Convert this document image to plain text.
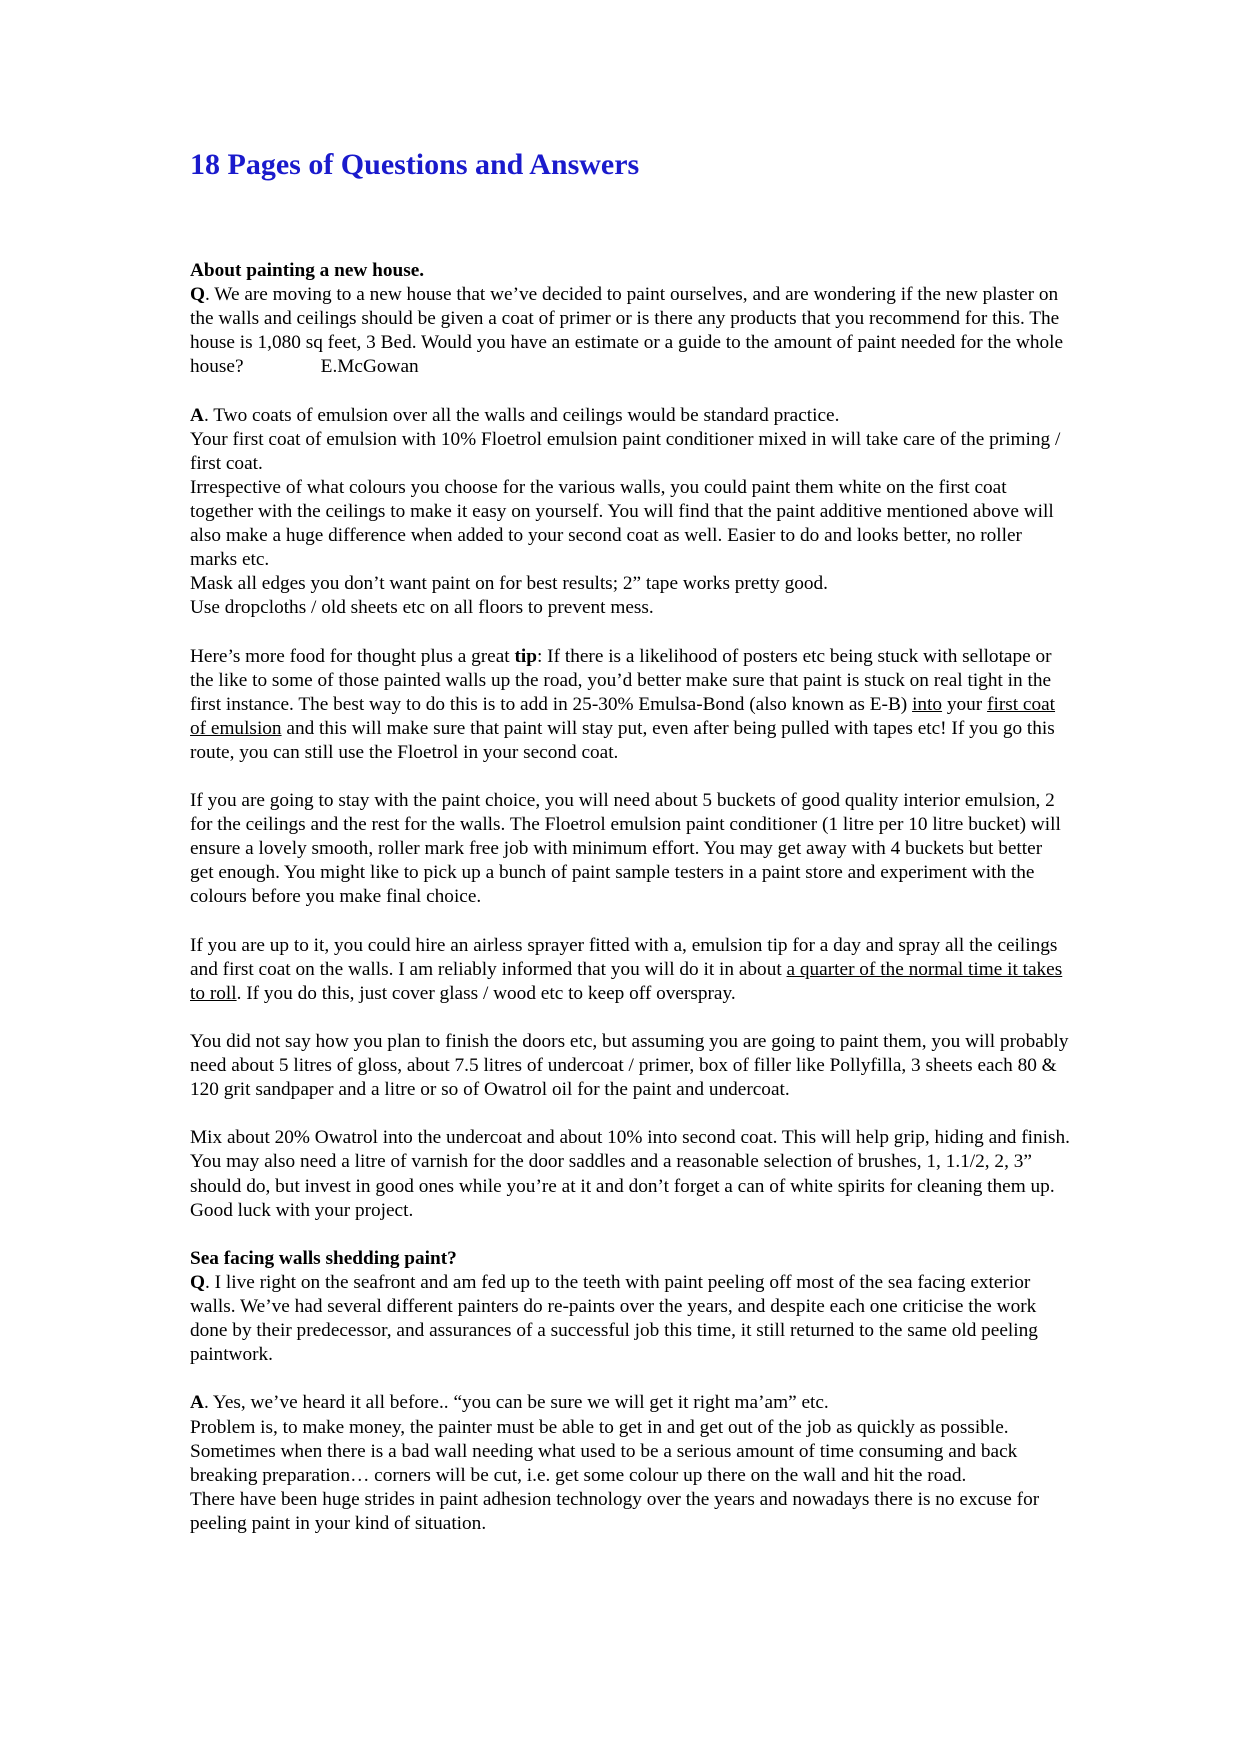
18 Pages of Questions and Answers

About painting a new house.

Q. We are moving to a new house that we’ve decided to paint ourselves, and are wondering if the new plaster on the walls and ceilings should be given a coat of primer or is there any products that you recommend for this. The house is 1,080 sq feet, 3 Bed. Would you have an estimate or a guide to the amount of paint needed for the whole house?	E.McGowan

A. Two coats of emulsion over all the walls and ceilings would be standard practice.

Your first coat of emulsion with 10% Floetrol emulsion paint conditioner mixed in will take care of the priming / first coat.

Irrespective of what colours you choose for the various walls, you could paint them white on the first coat together with the ceilings to make it easy on yourself. You will find that the paint additive mentioned above will also make a huge difference when added to your second coat as well. Easier to do and looks better, no roller marks etc.

Mask all edges you don’t want paint on for best results; 2” tape works pretty good.

Use dropcloths / old sheets etc on all floors to prevent mess.

Here’s more food for thought plus a great tip: If there is a likelihood of posters etc being stuck with sellotape or the like to some of those painted walls up the road, you’d better make sure that paint is stuck on real tight in the first instance. The best way to do this is to add in 25-30% Emulsa-Bond (also known as E-B) into your first coat of emulsion and this will make sure that paint will stay put, even after being pulled with tapes etc! If you go this route, you can still use the Floetrol in your second coat.

If you are going to stay with the paint choice, you will need about 5 buckets of good quality interior emulsion, 2 for the ceilings and the rest for the walls. The Floetrol emulsion paint conditioner (1 litre per 10 litre bucket) will ensure a lovely smooth, roller mark free job with minimum effort. You may get away with 4 buckets but better get enough. You might like to pick up a bunch of paint sample testers in a paint store and experiment with the colours before you make final choice.

If you are up to it, you could hire an airless sprayer fitted with a, emulsion tip for a day and spray all the ceilings and first coat on the walls. I am reliably informed that you will do it in about a quarter of the normal time it takes to roll. If you do this, just cover glass / wood etc to keep off overspray.

You did not say how you plan to finish the doors etc, but assuming you are going to paint them, you will probably need about 5 litres of gloss, about 7.5 litres of undercoat / primer, box of filler like Pollyfilla, 3 sheets each 80 & 120 grit sandpaper and a litre or so of Owatrol oil for the paint and undercoat.

Mix about 20% Owatrol into the undercoat and about 10% into second coat. This will help grip, hiding and finish. You may also need a litre of varnish for the door saddles and a reasonable selection of brushes, 1, 1.1/2, 2, 3” should do, but invest in good ones while you’re at it and don’t forget a can of white spirits for cleaning them up. Good luck with your project.

Sea facing walls shedding paint?

Q. I live right on the seafront and am fed up to the teeth with paint peeling off most of the sea facing exterior walls. We’ve had several different painters do re-paints over the years, and despite each one criticise the work done by their predecessor, and assurances of a successful job this time, it still returned to the same old peeling paintwork.

A. Yes, we’ve heard it all before.. “you can be sure we will get it right ma’am” etc.

Problem is, to make money, the painter must be able to get in and get out of the job as quickly as possible. Sometimes when there is a bad wall needing what used to be a serious amount of time consuming and back breaking preparation… corners will be cut, i.e. get some colour up there on the wall and hit the road.

There have been huge strides in paint adhesion technology over the years and nowadays there is no excuse for peeling paint in your kind of situation.
